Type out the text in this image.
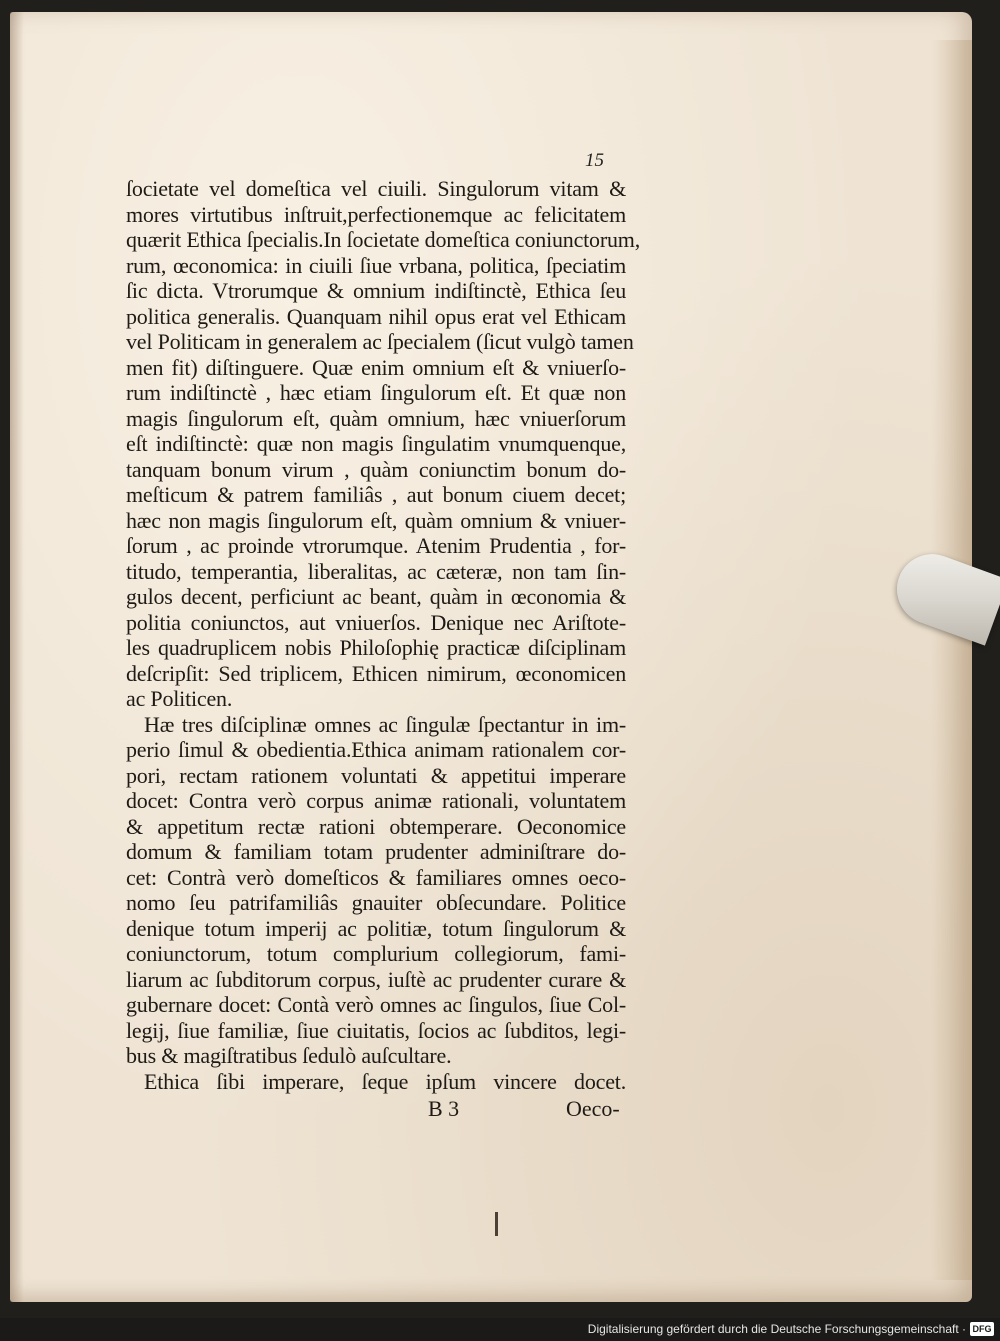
15
ſocietate vel domeſtica vel ciuili. Singulorum vitam &
mores virtutibus inſtruit,perfectionemque ac felicitatem
quærit Ethica ſpecialis.In ſocietate domeſtica coniunctorum,
rum, œconomica: in ciuili ſiue vrbana, politica, ſpeciatim
ſic dicta. Vtrorumque & omnium indiſtinctè, Ethica ſeu
politica generalis. Quanquam nihil opus erat vel Ethicam
vel Politicam in generalem ac ſpecialem (ſicut vulgò tamen
men fit) diſtinguere. Quæ enim omnium eſt & vniuerſo-
rum indiſtinctè , hæc etiam ſingulorum eſt. Et quæ non
magis ſingulorum eſt, quàm omnium, hæc vniuerſorum
eſt indiſtinctè: quæ non magis ſingulatim vnumquenque,
tanquam bonum virum , quàm coniunctim bonum do-
meſticum & patrem familiâs , aut bonum ciuem decet;
hæc non magis ſingulorum eſt, quàm omnium & vniuer-
ſorum , ac proinde vtrorumque. Atenim Prudentia , for-
titudo, temperantia, liberalitas, ac cæteræ, non tam ſin-
gulos decent, perficiunt ac beant, quàm in œconomia &
politia coniunctos, aut vniuerſos. Denique nec Ariſtote-
les quadruplicem nobis Philoſophię practicæ diſciplinam
deſcripſit: Sed triplicem, Ethicen nimirum, œconomicen
ac Politicen.
Hæ tres diſciplinæ omnes ac ſingulæ ſpectantur in im-
perio ſimul & obedientia.Ethica animam rationalem cor-
pori, rectam rationem voluntati & appetitui imperare
docet: Contra verò corpus animæ rationali, voluntatem
& appetitum rectæ rationi obtemperare. Oeconomice
domum & familiam totam prudenter adminiſtrare do-
cet: Contrà verò domeſticos & familiares omnes oeco-
nomo ſeu patrifamiliâs gnauiter obſecundare. Politice
denique totum imperij ac politiæ, totum ſingulorum &
coniunctorum, totum complurium collegiorum, fami-
liarum ac ſubditorum corpus, iuſtè ac prudenter curare &
gubernare docet: Contà verò omnes ac ſingulos, ſiue Col-
legij, ſiue familiæ, ſiue ciuitatis, ſocios ac ſubditos, legi-
bus & magiſtratibus ſedulò auſcultare.
Ethica ſibi imperare, ſeque ipſum vincere docet.
B 3	Oeco-
Digitalisierung gefördert durch die Deutsche Forschungsgemeinschaft · DFG
